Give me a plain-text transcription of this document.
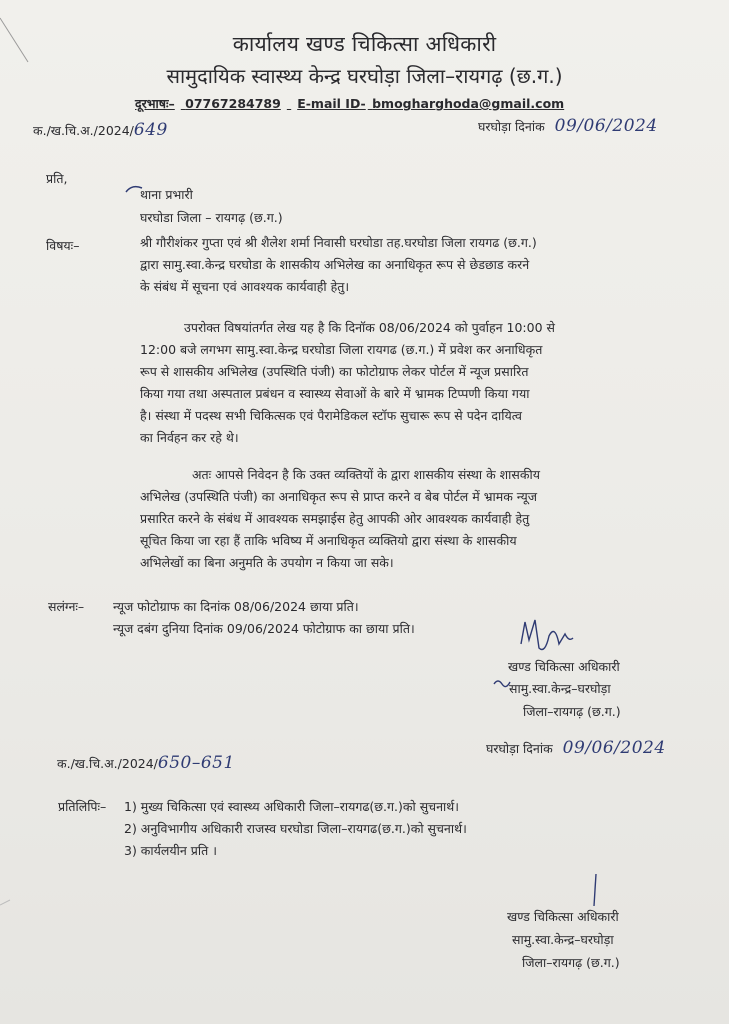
कार्यालय खण्ड चिकित्सा अधिकारी
सामुदायिक स्वास्थ्य केन्द्र घरघोड़ा जिला–रायगढ़ (छ.ग.)
दूरभाषः– 07767284789 E-mail ID- bmogharghoda@gmail.com
क./ख.चि.अ./2024/649	घरघोड़ा दिनांक 09/06/2024
प्रति,
थाना प्रभारी
घरघोडा जिला – रायगढ़ (छ.ग.)
विषयः–	श्री गौरीशंकर गुप्ता एवं श्री शैलेश शर्मा निवासी घरघोडा तह.घरघोडा जिला रायगढ (छ.ग.)
द्वारा सामु.स्वा.केन्द्र घरघोडा के शासकीय अभिलेख का अनाधिकृत रूप से छेडछाड करने
के संबंध में सूचना एवं आवश्यक कार्यवाही हेतु।
उपरोक्त विषयांतर्गत लेख यह है कि दिनॉक 08/06/2024 को पुर्वाहन 10:00 से
12:00 बजे लगभग सामु.स्वा.केन्द्र घरघोडा जिला रायगढ (छ.ग.) में प्रवेश कर अनाधिकृत
रूप से शासकीय अभिलेख (उपस्थिति पंजी) का फोटोग्राफ लेकर पोर्टल में न्यूज प्रसारित
किया गया तथा अस्पताल प्रबंधन व स्वास्थ्य सेवाओं के बारे में भ्रामक टिप्पणी किया गया
है। संस्था में पदस्थ सभी चिकित्सक एवं पैरामेडिकल स्टॉफ सुचारू रूप से पदेन दायित्व
का निर्वहन कर रहे थे।
अतः आपसे निवेदन है कि उक्त व्यक्तियों के द्वारा शासकीय संस्था के शासकीय
अभिलेख (उपस्थिति पंजी) का अनाधिकृत रूप से प्राप्त करने व बेब पोर्टल में भ्रामक न्यूज
प्रसारित करने के संबंध में आवश्यक समझाईस हेतु आपकी ओर आवश्यक कार्यवाही हेतु
सूचित किया जा रहा हैं ताकि भविष्य में अनाधिकृत व्यक्तियो द्वारा संस्था के शासकीय
अभिलेखों का बिना अनुमति के उपयोग न किया जा सके।
सलंग्नः– न्यूज फोटोग्राफ का दिनांक 08/06/2024 छाया प्रति।
न्यूज दबंग दुनिया दिनांक 09/06/2024 फोटोग्राफ का छाया प्रति।
खण्ड चिकित्सा अधिकारी
सामु.स्वा.केन्द्र–घरघोड़ा
जिला–रायगढ़ (छ.ग.)
क./ख.चि.अ./2024/650–651
घरघोड़ा दिनांक 09/06/2024
प्रतिलिपिः– 1) मुख्य चिकित्सा एवं स्वास्थ्य अधिकारी जिला–रायगढ(छ.ग.)को सुचनार्थ।
2) अनुविभागीय अधिकारी राजस्व घरघोडा जिला–रायगढ(छ.ग.)को सुचनार्थ।
3) कार्यलयीन प्रति ।
खण्ड चिकित्सा अधिकारी
सामु.स्वा.केन्द्र–घरघोड़ा
जिला–रायगढ़ (छ.ग.)
